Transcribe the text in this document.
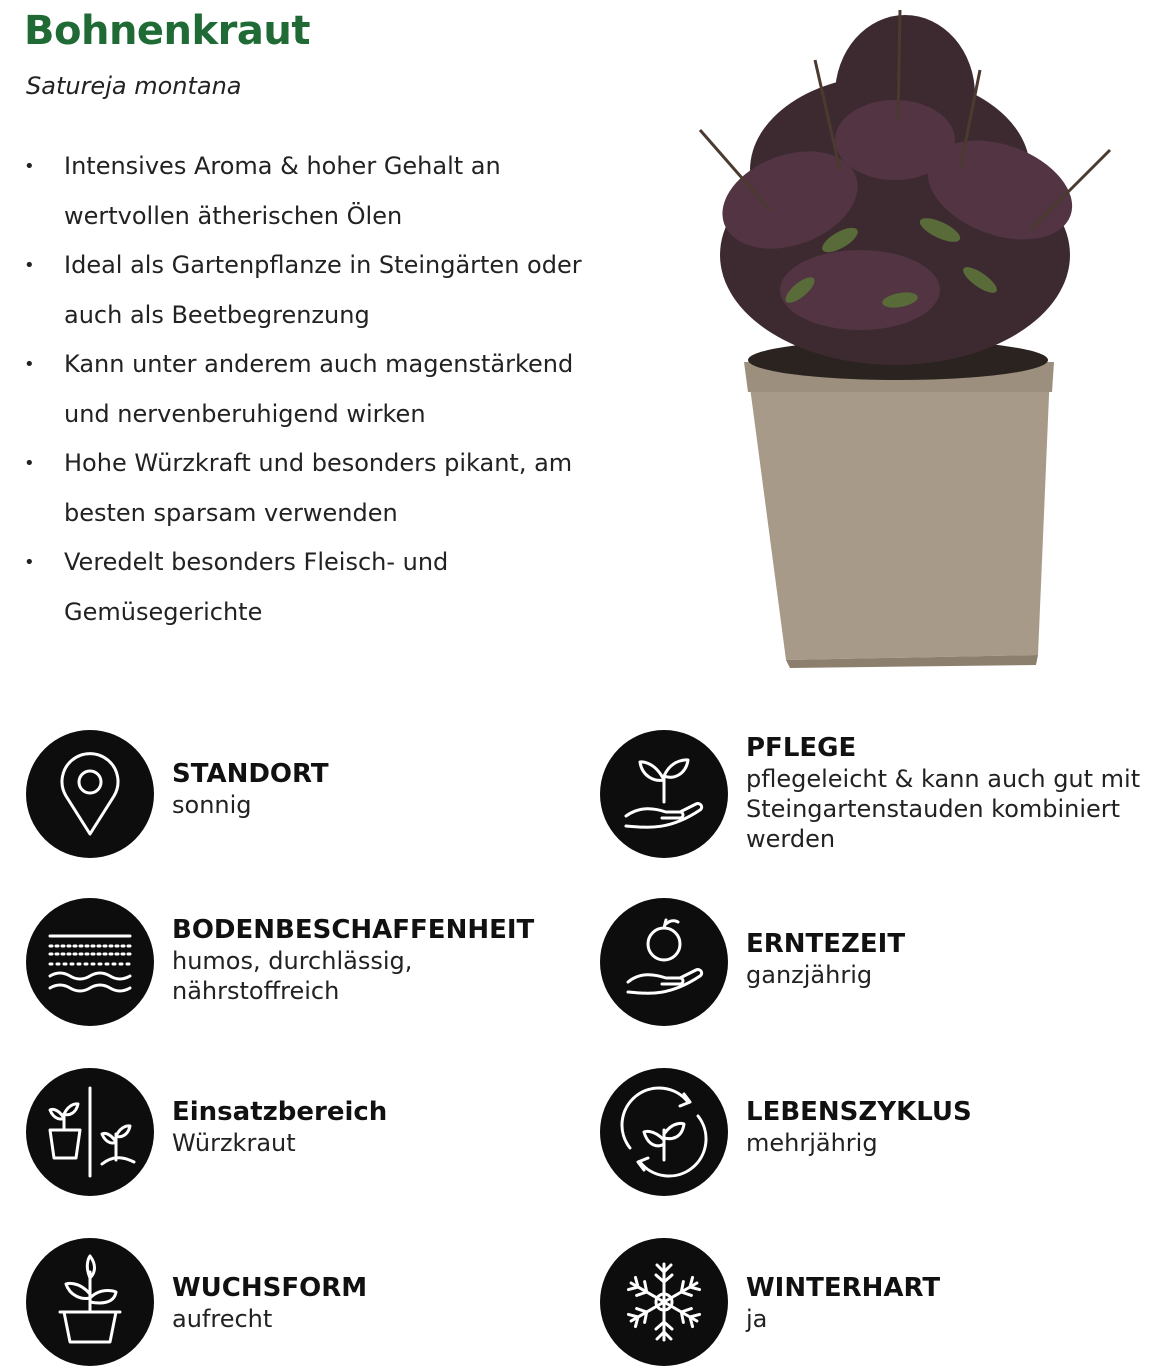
Bohnenkraut
Satureja montana
• Intensives Aroma & hoher Gehalt an wertvollen ätherischen Ölen
• Ideal als Gartenpflanze in Steingärten oder auch als Beetbegrenzung
• Kann unter anderem auch magenstärkend und nervenberuhigend wirken
• Hohe Würzkraft und besonders pikant, am besten sparsam verwenden
• Veredelt besonders Fleisch- und Gemüsegerichte
STANDORT
sonnig
PFLEGE
pflegeleicht & kann auch gut mit Steingartenstauden kombiniert werden
BODENBESCHAFFENHEIT
humos, durchlässig, nährstoffreich
ERNTEZEIT
ganzjährig
Einsatzbereich
Würzkraut
LEBENSZYKLUS
mehrjährig
WUCHSFORM
aufrecht
WINTERHART
ja
